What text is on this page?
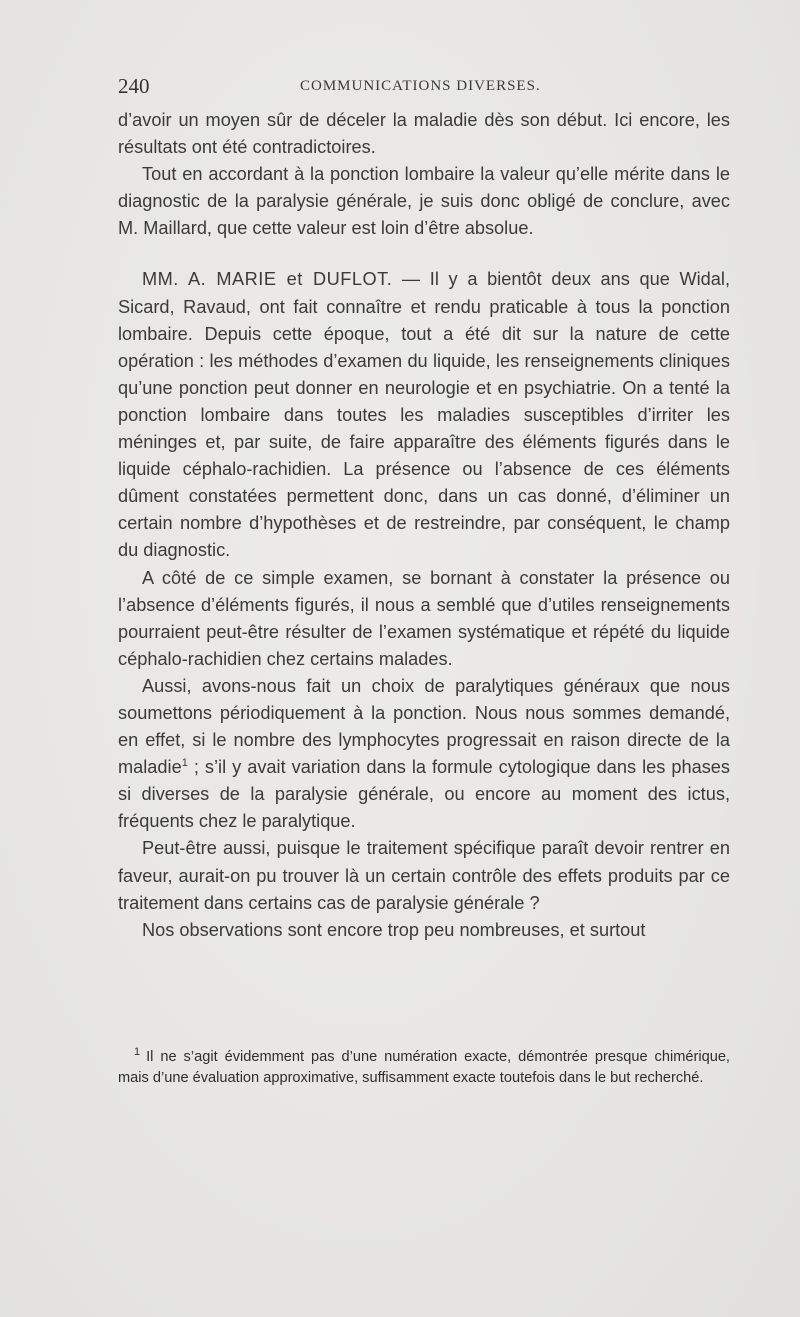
240	COMMUNICATIONS DIVERSES.

d’avoir un moyen sûr de déceler la maladie dès son début. Ici encore, les résultats ont été contradictoires.

Tout en accordant à la ponction lombaire la valeur qu’elle mérite dans le diagnostic de la paralysie générale, je suis donc obligé de conclure, avec M. Maillard, que cette valeur est loin d’être absolue.

MM. A. MARIE et DUFLOT. — Il y a bientôt deux ans que Widal, Sicard, Ravaud, ont fait connaître et rendu praticable à tous la ponction lombaire. Depuis cette époque, tout a été dit sur la nature de cette opération : les méthodes d’examen du liquide, les renseignements cliniques qu’une ponction peut donner en neurologie et en psychiatrie. On a tenté la ponction lombaire dans toutes les maladies susceptibles d’irriter les méninges et, par suite, de faire apparaître des éléments figurés dans le liquide céphalo-rachidien. La présence ou l’absence de ces éléments dûment constatées permettent donc, dans un cas donné, d’éliminer un certain nombre d’hypothèses et de restreindre, par conséquent, le champ du diagnostic.

A côté de ce simple examen, se bornant à constater la présence ou l’absence d’éléments figurés, il nous a semblé que d’utiles renseignements pourraient peut-être résulter de l’examen systématique et répété du liquide céphalo-rachidien chez certains malades.

Aussi, avons-nous fait un choix de paralytiques généraux que nous soumettons périodiquement à la ponction. Nous nous sommes demandé, en effet, si le nombre des lymphocytes progressait en raison directe de la maladie$^1$ ; s’il y avait variation dans la formule cytologique dans les phases si diverses de la paralysie générale, ou encore au moment des ictus, fréquents chez le paralytique.

Peut-être aussi, puisque le traitement spécifique paraît devoir rentrer en faveur, aurait-on pu trouver là un certain contrôle des effets produits par ce traitement dans certains cas de paralysie générale ?

Nos observations sont encore trop peu nombreuses, et surtout

$^1$ Il ne s’agit évidemment pas d’une numération exacte, démontrée presque chimérique, mais d’une évaluation approximative, suffisamment exacte toutefois dans le but recherché.
